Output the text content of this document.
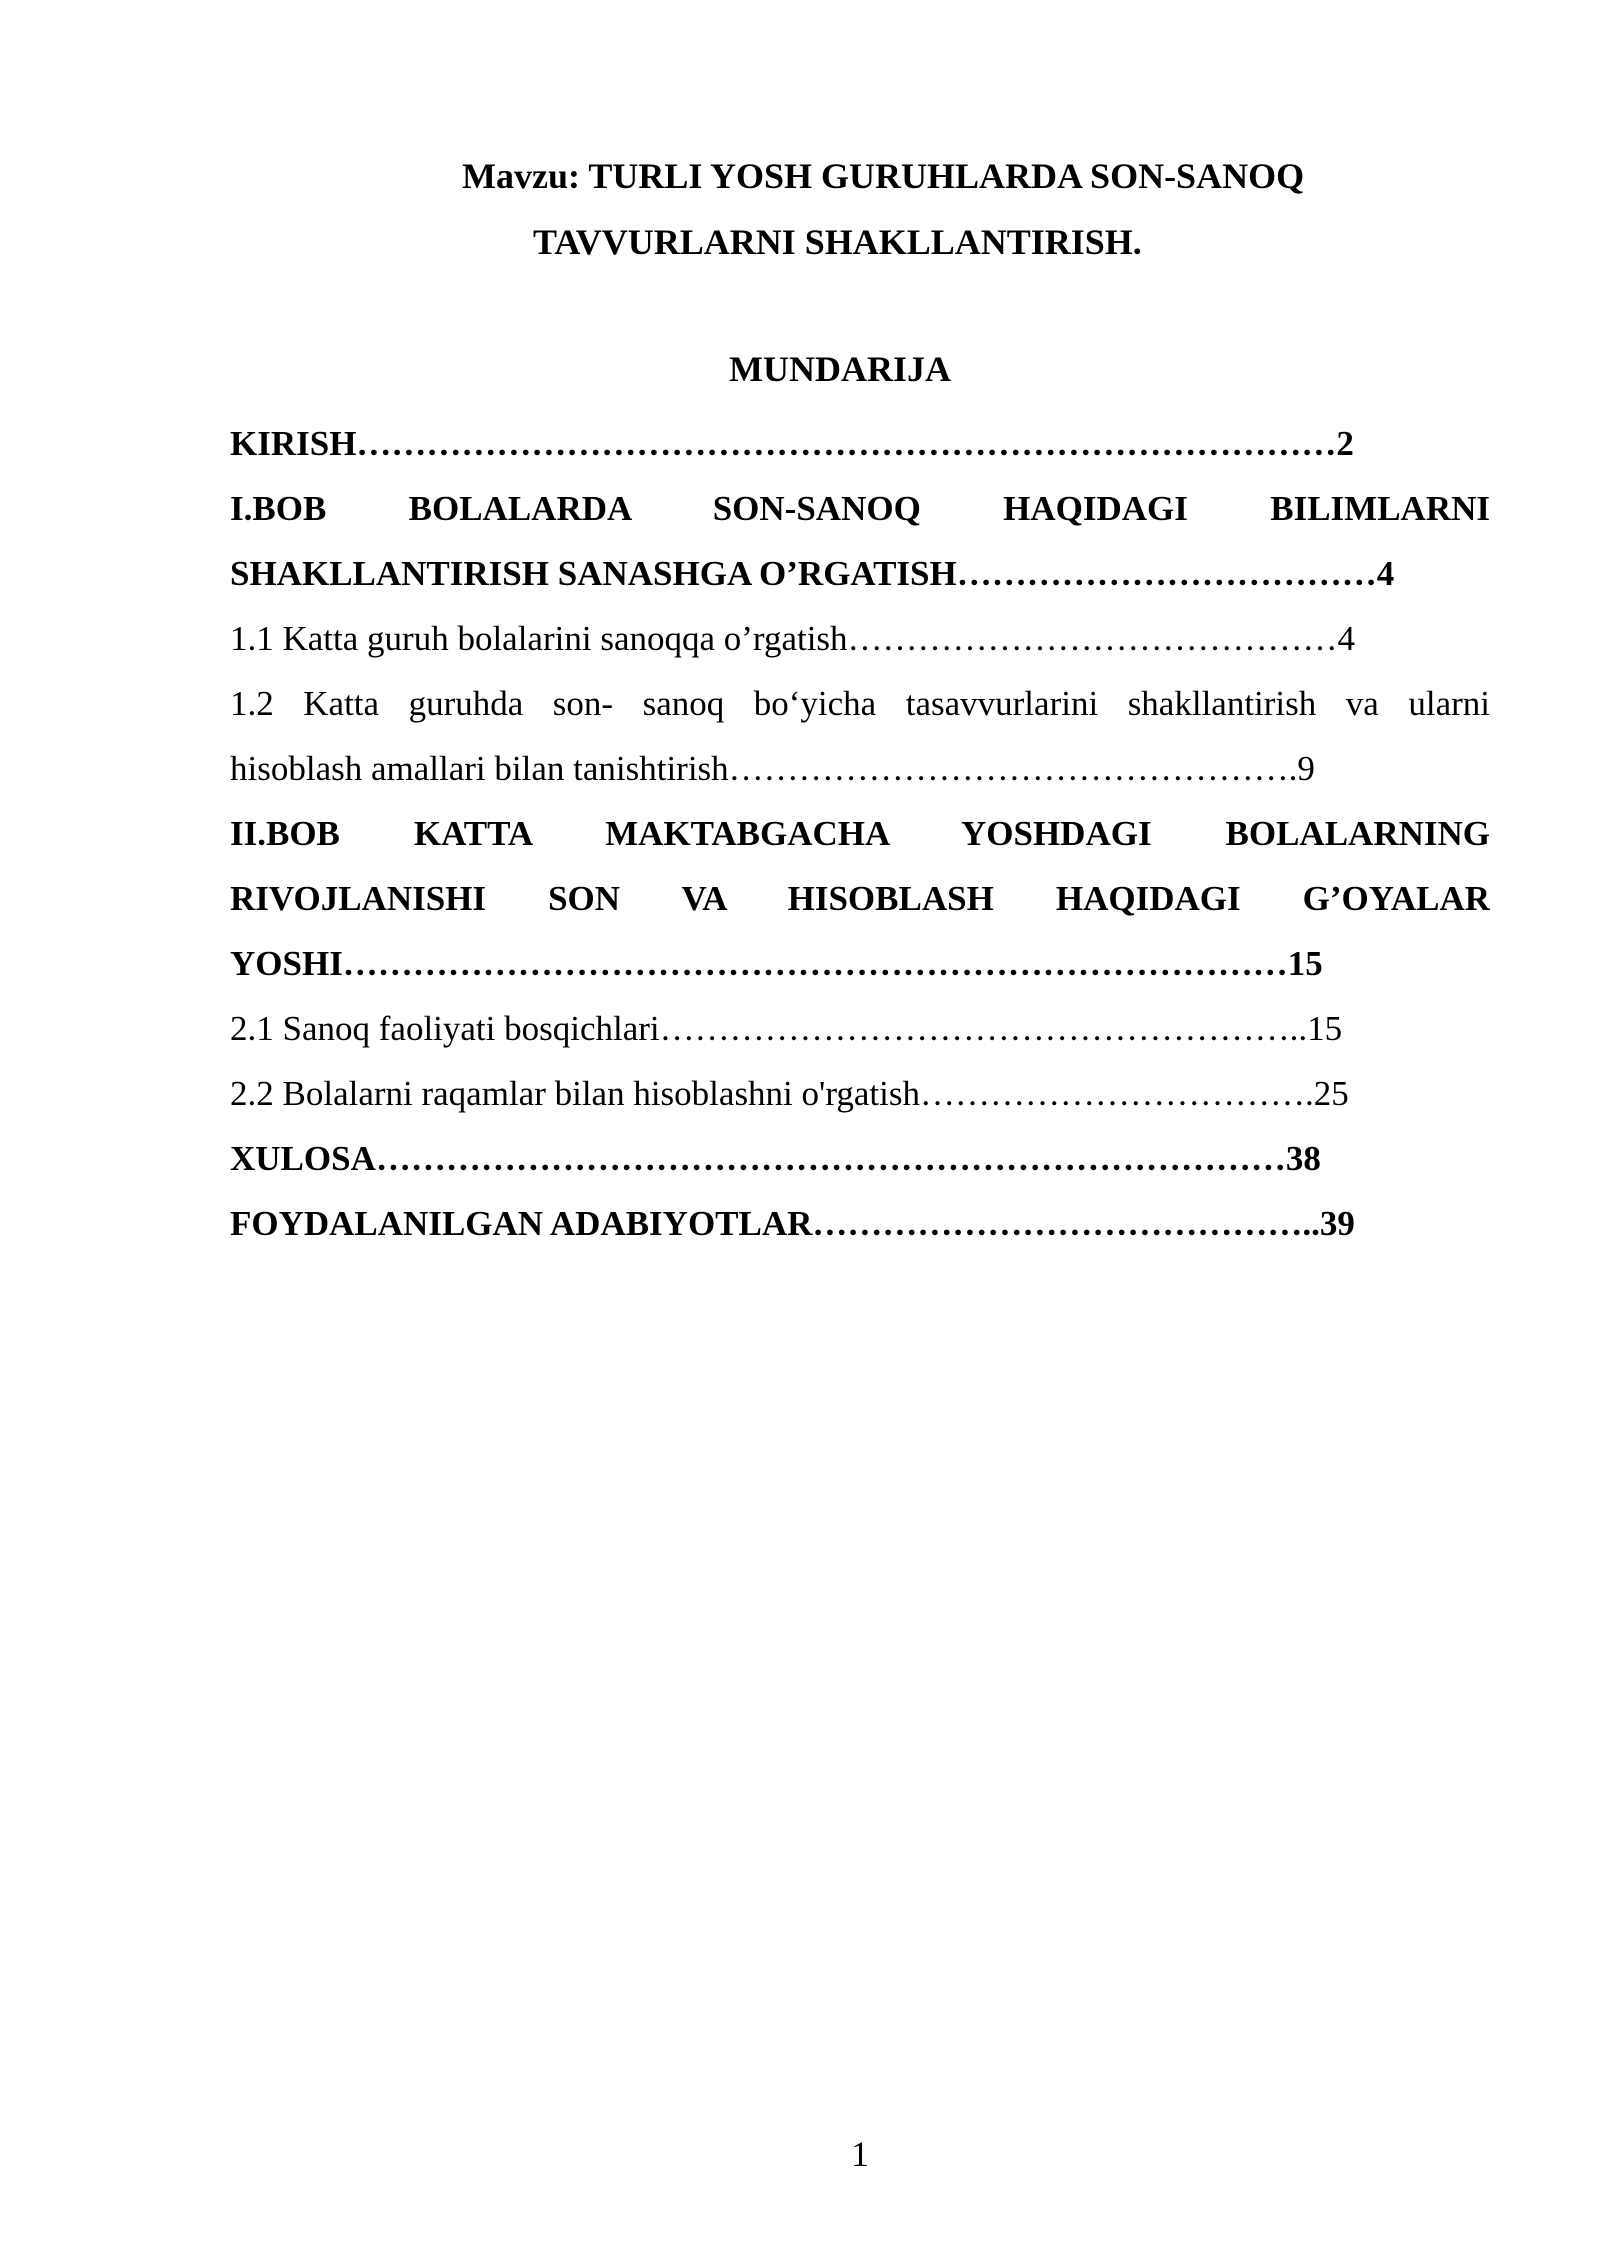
Mavzu: TURLI YOSH GURUHLARDA SON-SANOQ
TAVVURLARNI SHAKLLANTIRISH.
MUNDARIJA
KIRISH…………………………………………………………………………2
I.BOB BOLALARDA SON-SANOQ HAQIDAGI BILIMLARNI
SHAKLLANTIRISH SANASHGA O’RGATISH………………………………4
1.1 Katta guruh bolalarini sanoqqa o’rgatish……………………………………4
1.2 Katta guruhda son- sanoq bo‘yicha tasavvurlarini shakllantirish va ularni
hisoblash amallari bilan tanishtirish………………………………………….9
II.BOB KATTA MAKTABGACHA YOSHDAGI BOLALARNING
RIVOJLANISHI SON VA HISOBLASH HAQIDAGI G’OYALAR
YOSHI………………………………………………………………………15
2.1 Sanoq faoliyati bosqichlari………………………………………………..15
2.2 Bolalarni raqamlar bilan hisoblashni o'rgatish…………………………….25
XULOSA……………………………………………………………………38
FOYDALANILGAN ADABIYOTLAR……………………………………..39
1
